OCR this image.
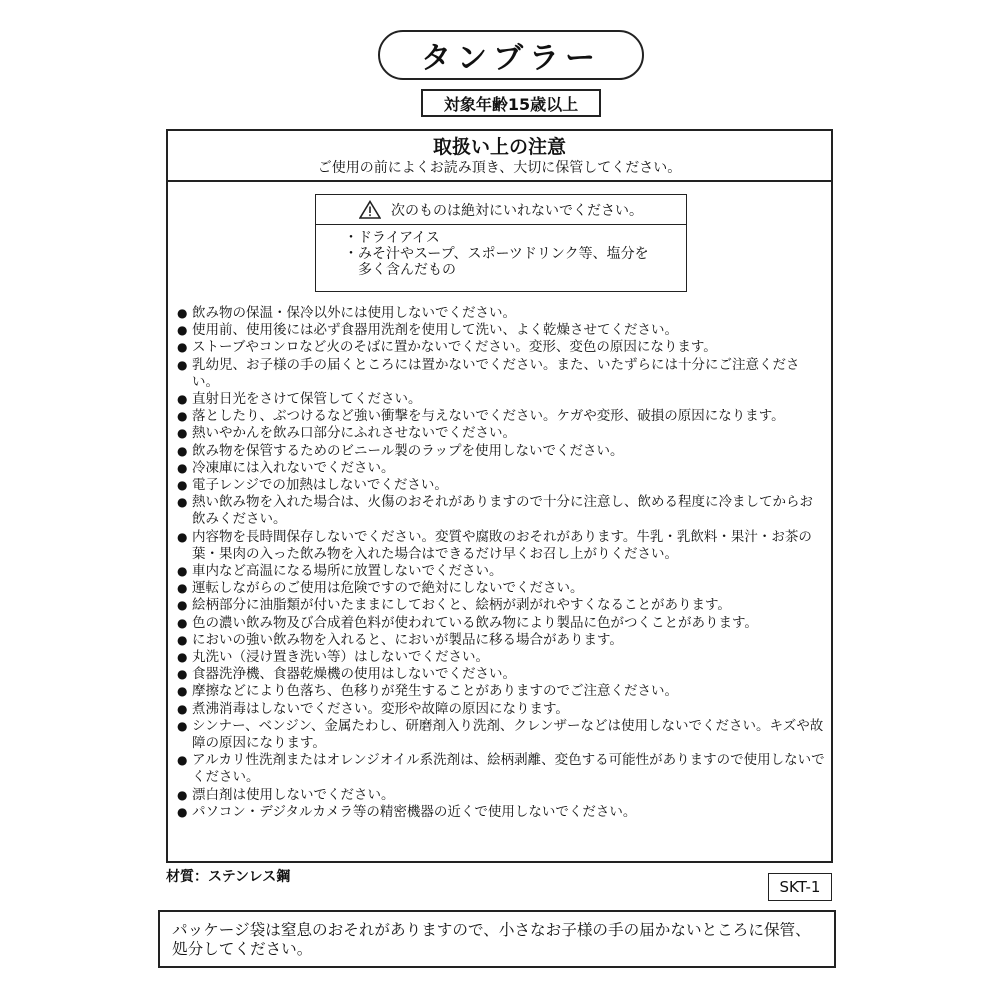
タンブラー
対象年齢15歳以上
取扱い上の注意
ご使用の前によくお読み頂き、大切に保管してください。
次のものは絶対にいれないでください。
・ドライアイス
・ みそ汁やスープ、スポーツドリンク等、塩分を多く含んだもの
● 飲み物の保温・保冷以外には使用しないでください。
● 使用前、使用後には必ず食器用洗剤を使用して洗い、よく乾燥させてください。
● ストーブやコンロなど火のそばに置かないでください。変形、変色の原因になります。
● 乳幼児、お子様の手の届くところには置かないでください。また、いたずらには十分にご注意ください。
● 直射日光をさけて保管してください。
● 落としたり、ぶつけるなど強い衝撃を与えないでください。ケガや変形、破損の原因になります。
● 熱いやかんを飲み口部分にふれさせないでください。
● 飲み物を保管するためのビニール製のラップを使用しないでください。
● 冷凍庫には入れないでください。
● 電子レンジでの加熱はしないでください。
● 熱い飲み物を入れた場合は、火傷のおそれがありますので十分に注意し、飲める程度に冷ましてからお飲みください。
● 内容物を長時間保存しないでください。変質や腐敗のおそれがあります。牛乳・乳飲料・果汁・お茶の葉・果肉の入った飲み物を入れた場合はできるだけ早くお召し上がりください。
● 車内など高温になる場所に放置しないでください。
● 運転しながらのご使用は危険ですので絶対にしないでください。
● 絵柄部分に油脂類が付いたままにしておくと、絵柄が剥がれやすくなることがあります。
● 色の濃い飲み物及び合成着色料が使われている飲み物により製品に色がつくことがあります。
● においの強い飲み物を入れると、においが製品に移る場合があります。
● 丸洗い（浸け置き洗い等）はしないでください。
● 食器洗浄機、食器乾燥機の使用はしないでください。
● 摩擦などにより色落ち、色移りが発生することがありますのでご注意ください。
● 煮沸消毒はしないでください。変形や故障の原因になります。
● シンナー、ベンジン、金属たわし、研磨剤入り洗剤、クレンザーなどは使用しないでください。キズや故障の原因になります。
● アルカリ性洗剤またはオレンジオイル系洗剤は、絵柄剥離、変色する可能性がありますので使用しないでください。
● 漂白剤は使用しないでください。
● パソコン・デジタルカメラ等の精密機器の近くで使用しないでください。
材質：ステンレス鋼
SKT-1
パッケージ袋は窒息のおそれがありますので、小さなお子様の手の届かないところに保管、処分してください。
